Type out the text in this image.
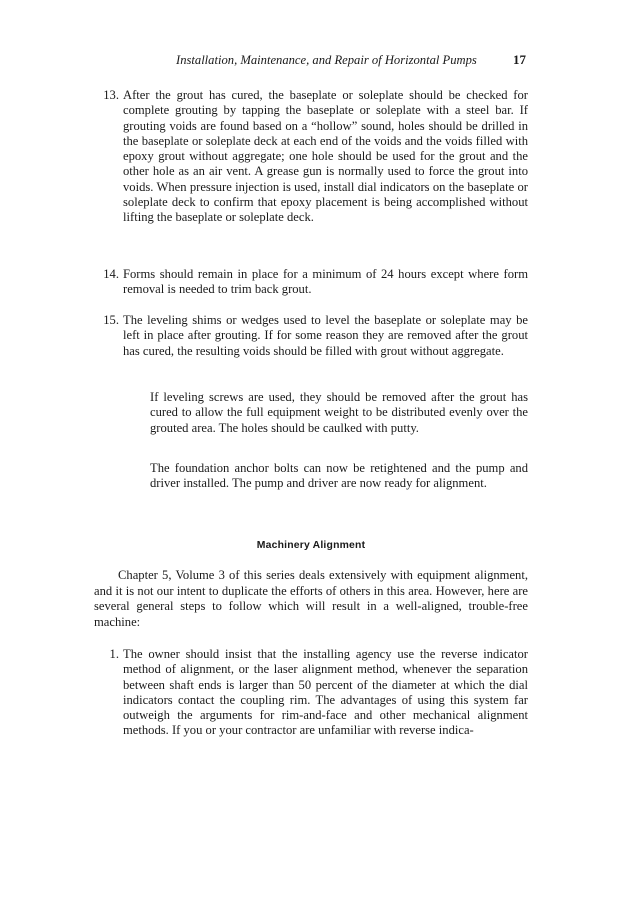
Installation, Maintenance, and Repair of Horizontal Pumps	17
13. After the grout has cured, the baseplate or soleplate should be checked for complete grouting by tapping the baseplate or soleplate with a steel bar. If grouting voids are found based on a “hollow” sound, holes should be drilled in the baseplate or soleplate deck at each end of the voids and the voids filled with epoxy grout without aggregate; one hole should be used for the grout and the other hole as an air vent. A grease gun is normally used to force the grout into voids. When pressure injection is used, install dial indicators on the baseplate or soleplate deck to confirm that epoxy placement is being accomplished without lifting the baseplate or soleplate deck.

14. Forms should remain in place for a minimum of 24 hours except where form removal is needed to trim back grout.

15. The leveling shims or wedges used to level the baseplate or soleplate may be left in place after grouting. If for some reason they are removed after the grout has cured, the resulting voids should be filled with grout without aggregate.

If leveling screws are used, they should be removed after the grout has cured to allow the full equipment weight to be distributed evenly over the grouted area. The holes should be caulked with putty.

The foundation anchor bolts can now be retightened and the pump and driver installed. The pump and driver are now ready for alignment.

Machinery Alignment

Chapter 5, Volume 3 of this series deals extensively with equipment alignment, and it is not our intent to duplicate the efforts of others in this area. However, here are several general steps to follow which will result in a well-aligned, trouble-free machine:

1. The owner should insist that the installing agency use the reverse indicator method of alignment, or the laser alignment method, whenever the separation between shaft ends is larger than 50 percent of the diameter at which the dial indicators contact the coupling rim. The advantages of using this system far outweigh the arguments for rim-and-face and other mechanical alignment methods. If you or your contractor are unfamiliar with reverse indica-
